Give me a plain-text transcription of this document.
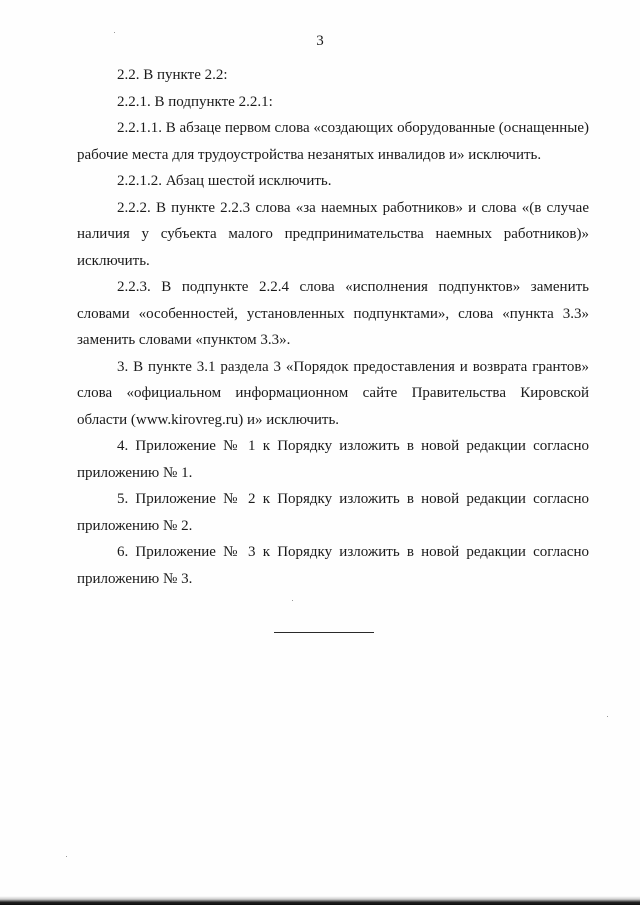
3

2.2. В пункте 2.2:

2.2.1. В подпункте 2.2.1:

2.2.1.1. В абзаце первом слова «создающих оборудованные (оснащенные) рабочие места для трудоустройства незанятых инвалидов и» исключить.

2.2.1.2. Абзац шестой исключить.

2.2.2. В пункте 2.2.3 слова «за наемных работников» и слова «(в случае наличия у субъекта малого предпринимательства наемных работников)» исключить.

2.2.3. В подпункте 2.2.4 слова «исполнения подпунктов» заменить словами «особенностей, установленных подпунктами», слова «пункта 3.3» заменить словами «пунктом 3.3».

3. В пункте 3.1 раздела 3 «Порядок предоставления и возврата грантов» слова «официальном информационном сайте Правительства Кировской области (www.kirovreg.ru) и» исключить.

4. Приложение № 1 к Порядку изложить в новой редакции согласно приложению № 1.

5. Приложение № 2 к Порядку изложить в новой редакции согласно приложению № 2.

6. Приложение № 3 к Порядку изложить в новой редакции согласно приложению № 3.
